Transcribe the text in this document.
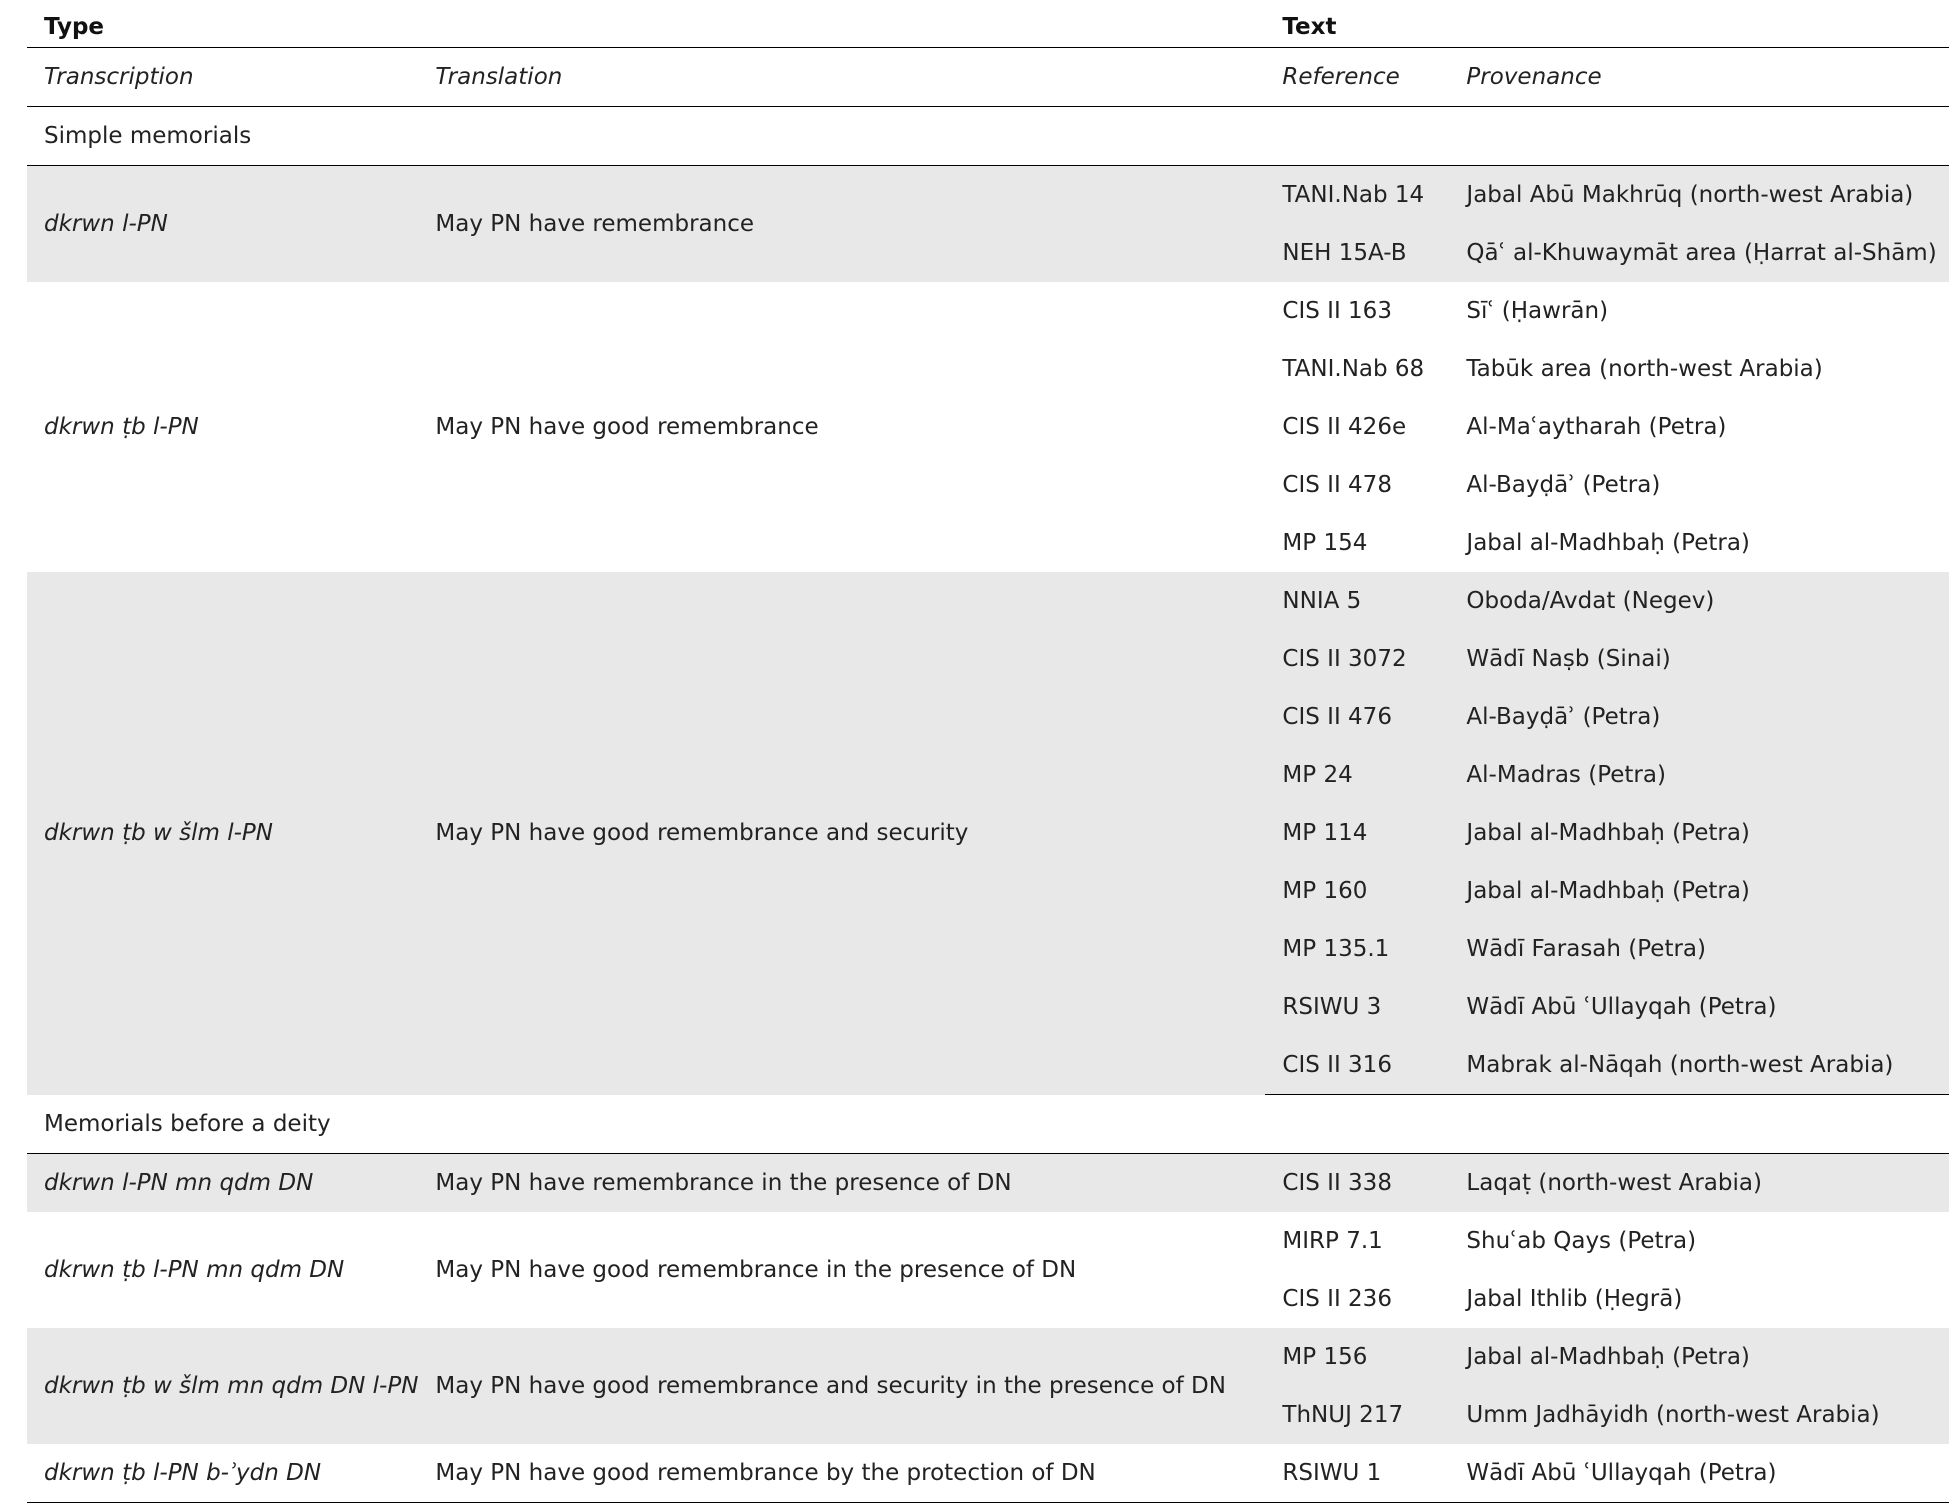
Type		Text	
Transcription	Translation	Reference	Provenance
Simple memorials			
dkrwn l-PN	May PN have remembrance	TANI.Nab 14	Jabal Abū Makhrūq (north-west Arabia)
		NEH 15A-B	Qāʿ al-Khuwaymāt area (Ḥarrat al-Shām)
dkrwn ṭb l-PN	May PN have good remembrance	CIS II 163	Sīʿ (Ḥawrān)
		TANI.Nab 68	Tabūk area (north-west Arabia)
		CIS II 426e	Al-Maʿaytharah (Petra)
		CIS II 478	Al-Bayḍāʾ (Petra)
		MP 154	Jabal al-Madhbaḥ (Petra)
dkrwn ṭb w šlm l-PN	May PN have good remembrance and security	NNIA 5	Oboda/Avdat (Negev)
		CIS II 3072	Wādī Naṣb (Sinai)
		CIS II 476	Al-Bayḍāʾ (Petra)
		MP 24	Al-Madras (Petra)
		MP 114	Jabal al-Madhbaḥ (Petra)
		MP 160	Jabal al-Madhbaḥ (Petra)
		MP 135.1	Wādī Farasah (Petra)
		RSIWU 3	Wādī Abū ʿUllayqah (Petra)
		CIS II 316	Mabrak al-Nāqah (north-west Arabia)
Memorials before a deity			
dkrwn l-PN mn qdm DN	May PN have remembrance in the presence of DN	CIS II 338	Laqaṭ (north-west Arabia)
dkrwn ṭb l-PN mn qdm DN	May PN have good remembrance in the presence of DN	MIRP 7.1	Shuʿab Qays (Petra)
		CIS II 236	Jabal Ithlib (Ḥegrā)
dkrwn ṭb w šlm mn qdm DN l-PN	May PN have good remembrance and security in the presence of DN	MP 156	Jabal al-Madhbaḥ (Petra)
		ThNUJ 217	Umm Jadhāyidh (north-west Arabia)
dkrwn ṭb l-PN b-ʾydn DN	May PN have good remembrance by the protection of DN	RSIWU 1	Wādī Abū ʿUllayqah (Petra)
